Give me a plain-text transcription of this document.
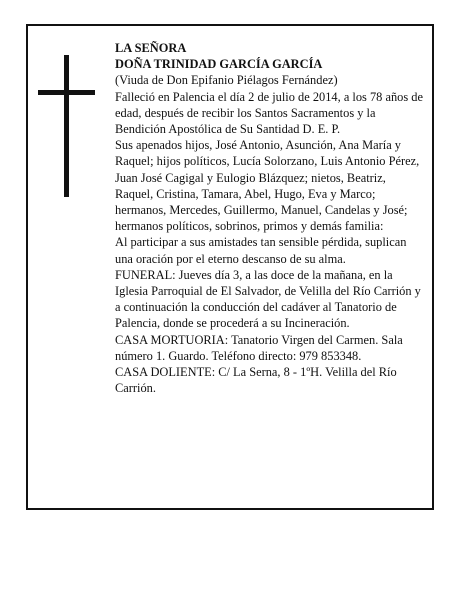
LA SEÑORA

DOÑA TRINIDAD GARCÍA GARCÍA

(Viuda de Don Epifanio Piélagos Fernández)

Falleció en Palencia el día 2 de julio de 2014, a los 78 años de edad, después de recibir los Santos Sacramentos y la Bendición Apostólica de Su Santidad D. E. P.

Sus apenados hijos, José Antonio, Asunción, Ana María y Raquel; hijos políticos, Lucía Solorzano, Luis Antonio Pérez, Juan José Cagigal y Eulogio Blázquez; nietos, Beatriz, Raquel, Cristina, Tamara, Abel, Hugo, Eva y Marco; hermanos, Mercedes, Guillermo, Manuel, Candelas y José; hermanos políticos, sobrinos, primos y demás familia:

Al participar a sus amistades tan sensible pérdida, suplican una oración por el eterno descanso de su alma.

FUNERAL: Jueves día 3, a las doce de la mañana, en la Iglesia Parroquial de El Salvador, de Velilla del Río Carrión y a continuación la conducción del cadáver al Tanatorio de Palencia, donde se procederá a su Incineración.

CASA MORTUORIA: Tanatorio Virgen del Carmen. Sala número 1. Guardo. Teléfono directo: 979 853348.

CASA DOLIENTE: C/ La Serna, 8 - 1ºH. Velilla del Río Carrión.
